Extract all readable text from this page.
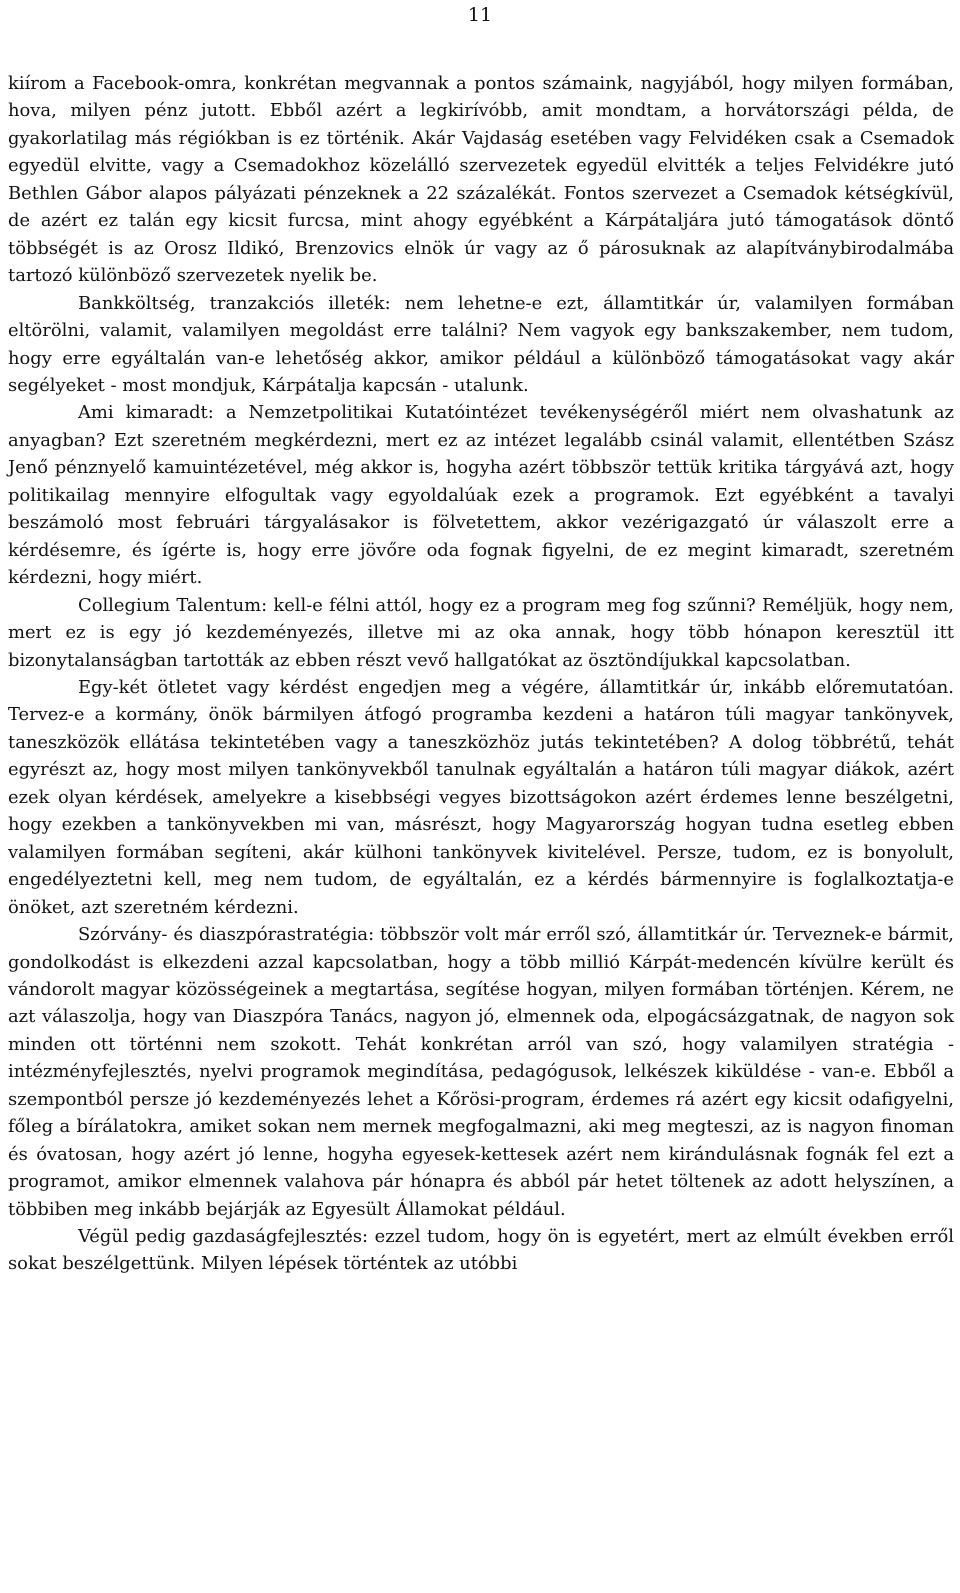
11

kiírom a Facebook-omra, konkrétan megvannak a pontos számaink, nagyjából, hogy milyen formában, hova, milyen pénz jutott. Ebből azért a legkirívóbb, amit mondtam, a horvátországi példa, de gyakorlatilag más régiókban is ez történik. Akár Vajdaság esetében vagy Felvidéken csak a Csemadok egyedül elvitte, vagy a Csemadokhoz közelálló szervezetek egyedül elvitték a teljes Felvidékre jutó Bethlen Gábor alapos pályázati pénzeknek a 22 százalékát. Fontos szervezet a Csemadok kétségkívül, de azért ez talán egy kicsit furcsa, mint ahogy egyébként a Kárpátaljára jutó támogatások döntő többségét is az Orosz Ildikó, Brenzovics elnök úr vagy az ő párosuknak az alapítványbirodalmába tartozó különböző szervezetek nyelik be.

Bankköltség, tranzakciós illeték: nem lehetne-e ezt, államtitkár úr, valamilyen formában eltörölni, valamit, valamilyen megoldást erre találni? Nem vagyok egy bankszakember, nem tudom, hogy erre egyáltalán van-e lehetőség akkor, amikor például a különböző támogatásokat vagy akár segélyeket - most mondjuk, Kárpátalja kapcsán - utalunk.

Ami kimaradt: a Nemzetpolitikai Kutatóintézet tevékenységéről miért nem olvashatunk az anyagban? Ezt szeretném megkérdezni, mert ez az intézet legalább csinál valamit, ellentétben Szász Jenő pénznyelő kamuintézetével, még akkor is, hogyha azért többször tettük kritika tárgyává azt, hogy politikailag mennyire elfogultak vagy egyoldalúak ezek a programok. Ezt egyébként a tavalyi beszámoló most februári tárgyalásakor is fölvetettem, akkor vezérigazgató úr válaszolt erre a kérdésemre, és ígérte is, hogy erre jövőre oda fognak figyelni, de ez megint kimaradt, szeretném kérdezni, hogy miért.

Collegium Talentum: kell-e félni attól, hogy ez a program meg fog szűnni? Reméljük, hogy nem, mert ez is egy jó kezdeményezés, illetve mi az oka annak, hogy több hónapon keresztül itt bizonytalanságban tartották az ebben részt vevő hallgatókat az ösztöndíjukkal kapcsolatban.

Egy-két ötletet vagy kérdést engedjen meg a végére, államtitkár úr, inkább előremutatóan. Tervez-e a kormány, önök bármilyen átfogó programba kezdeni a határon túli magyar tankönyvek, taneszközök ellátása tekintetében vagy a taneszközhöz jutás tekintetében? A dolog többrétű, tehát egyrészt az, hogy most milyen tankönyvekből tanulnak egyáltalán a határon túli magyar diákok, azért ezek olyan kérdések, amelyekre a kisebbségi vegyes bizottságokon azért érdemes lenne beszélgetni, hogy ezekben a tankönyvekben mi van, másrészt, hogy Magyarország hogyan tudna esetleg ebben valamilyen formában segíteni, akár külhoni tankönyvek kivitelével. Persze, tudom, ez is bonyolult, engedélyeztetni kell, meg nem tudom, de egyáltalán, ez a kérdés bármennyire is foglalkoztatja-e önöket, azt szeretném kérdezni.

Szórvány- és diaszpórastratégia: többször volt már erről szó, államtitkár úr. Terveznek-e bármit, gondolkodást is elkezdeni azzal kapcsolatban, hogy a több millió Kárpát-medencén kívülre került és vándorolt magyar közösségeinek a megtartása, segítése hogyan, milyen formában történjen. Kérem, ne azt válaszolja, hogy van Diaszpóra Tanács, nagyon jó, elmennek oda, elpogácsázgatnak, de nagyon sok minden ott történni nem szokott. Tehát konkrétan arról van szó, hogy valamilyen stratégia - intézményfejlesztés, nyelvi programok megindítása, pedagógusok, lelkészek kiküldése - van-e. Ebből a szempontból persze jó kezdeményezés lehet a Kőrösi-program, érdemes rá azért egy kicsit odafigyelni, főleg a bírálatokra, amiket sokan nem mernek megfogalmazni, aki meg megteszi, az is nagyon finoman és óvatosan, hogy azért jó lenne, hogyha egyesek-kettesek azért nem kirándulásnak fognák fel ezt a programot, amikor elmennek valahova pár hónapra és abból pár hetet töltenek az adott helyszínen, a többiben meg inkább bejárják az Egyesült Államokat például.

Végül pedig gazdaságfejlesztés: ezzel tudom, hogy ön is egyetért, mert az elmúlt években erről sokat beszélgettünk. Milyen lépések történtek az utóbbi
